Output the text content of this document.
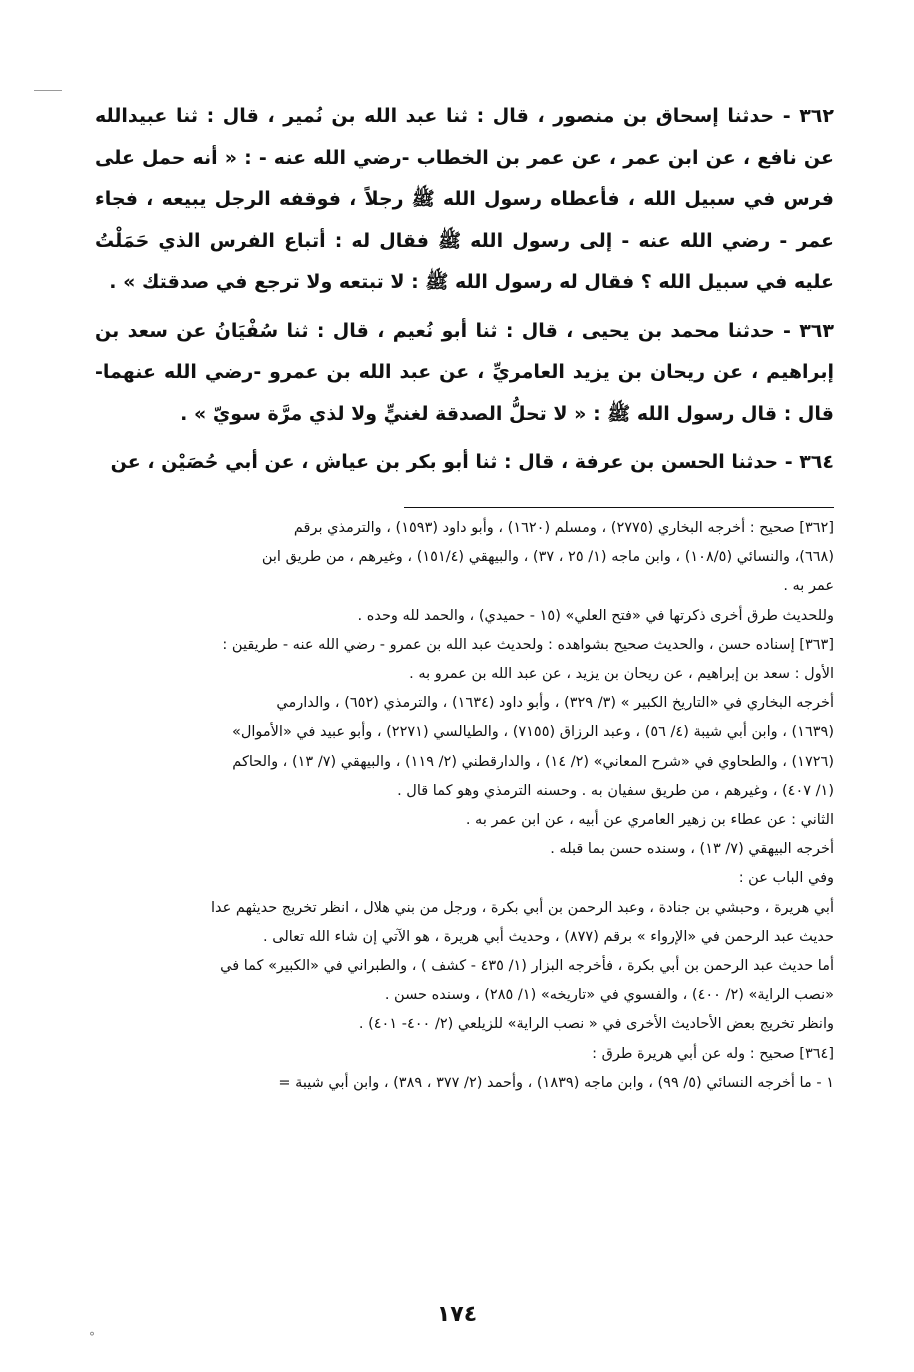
٣٦٢ - حدثنا إسحاق بن منصور ، قال : ثنا عبد الله بن نُمير ، قال : ثنا عبيدالله عن نافع ، عن ابن عمر ، عن عمر بن الخطاب -رضي الله عنه - : « أنه حمل على فرس في سبيل الله ، فأعطاه رسول الله ﷺ رجلاً ، فوقفه الرجل يبيعه ، فجاء عمر - رضي الله عنه - إلى رسول الله ﷺ فقال له : أتباع الفرس الذي حَمَلْتُ عليه في سبيل الله ؟ فقال له رسول الله ﷺ : لا تبتعه ولا ترجع في صدقتك » .

٣٦٣ - حدثنا محمد بن يحيى ، قال : ثنا أبو نُعيم ، قال : ثنا سُفْيَانُ عن سعد بن إبراهيم ، عن ريحان بن يزيد العامريِّ ، عن عبد الله بن عمرو -رضي الله عنهما- قال : قال رسول الله ﷺ : « لا تحلُّ الصدقة لغنيٍّ ولا لذي مرَّة سويّ » .

٣٦٤ - حدثنا الحسن بن عرفة ، قال : ثنا أبو بكر بن عياش ، عن أبي حُصَيْن ، عن

[٣٦٢] صحيح : أخرجه البخاري (٢٧٧٥) ، ومسلم (١٦٢٠) ، وأبو داود (١٥٩٣) ، والترمذي برقم

(٦٦٨)، والنسائي (١٠٨/٥) ، وابن ماجه (١/ ٢٥ ، ٣٧) ، والبيهقي (١٥١/٤) ، وغيرهم ، من طريق ابن

عمر به .

وللحديث طرق أخرى ذكرتها في «فتح العلي» (١٥ - حميدي) ، والحمد لله وحده .

[٣٦٣] إسناده حسن ، والحديث صحيح بشواهده : ولحديث عبد الله بن عمرو - رضي الله عنه - طريقين :

الأول : سعد بن إبراهيم ، عن ريحان بن يزيد ، عن عبد الله بن عمرو به .

أخرجه البخاري في «التاريخ الكبير » (٣/ ٣٢٩) ، وأبو داود (١٦٣٤) ، والترمذي (٦٥٢) ، والدارمي

(١٦٣٩) ، وابن أبي شيبة (٤/ ٥٦) ، وعبد الرزاق (٧١٥٥) ، والطيالسي (٢٢٧١) ، وأبو عبيد في «الأموال»

(١٧٢٦) ، والطحاوي في «شرح المعاني» (٢/ ١٤) ، والدارقطني (٢/ ١١٩) ، والبيهقي (٧/ ١٣) ، والحاكم

(١/ ٤٠٧) ، وغيرهم ، من طريق سفيان به . وحسنه الترمذي وهو كما قال .

الثاني : عن عطاء بن زهير العامري عن أبيه ، عن ابن عمر به .

أخرجه البيهقي (٧/ ١٣) ، وسنده حسن بما قبله .

وفي الباب عن :

أبي هريرة ، وحبشي بن جنادة ، وعبد الرحمن بن أبي بكرة ، ورجل من بني هلال ، انظر تخريج حديثهم عدا

حديث عبد الرحمن في «الإرواء » برقم (٨٧٧) ، وحديث أبي هريرة ، هو الآتي إن شاء الله تعالى .

أما حديث عبد الرحمن بن أبي بكرة ، فأخرجه البزار (١/ ٤٣٥ - كشف ) ، والطبراني في «الكبير» كما في

«نصب الراية» (٢/ ٤٠٠) ، والفسوي في «تاريخه» (١/ ٢٨٥) ، وسنده حسن .

وانظر تخريج بعض الأحاديث الأخرى في « نصب الراية» للزيلعي (٢/ ٤٠٠- ٤٠١) .

[٣٦٤] صحيح : وله عن أبي هريرة طرق :

١ - ما أخرجه النسائي (٥/ ٩٩) ، وابن ماجه (١٨٣٩) ، وأحمد (٢/ ٣٧٧ ، ٣٨٩) ، وابن أبي شيبة =

١٧٤
°
